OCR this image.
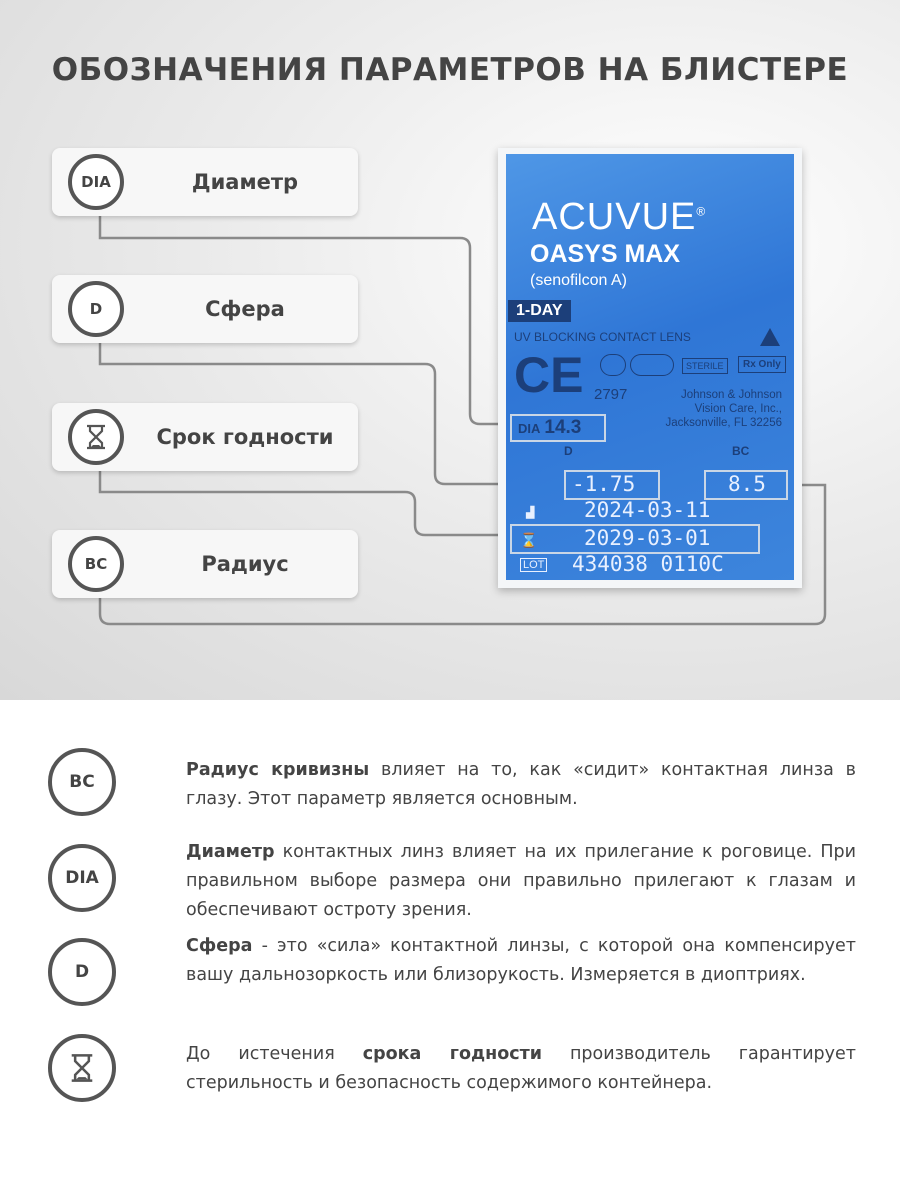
ОБОЗНАЧЕНИЯ ПАРАМЕТРОВ НА БЛИСТЕРЕ
DIA	Диаметр
D	Сфера
Срок годности
BC	Радиус
ACUVUE®
OASYS MAX
(senofilcon A)
1-DAY
UV BLOCKING CONTACT LENS
CE	STERILE	Rx Only
2797	Johnson & Johnson
Vision Care, Inc.,
Jacksonville, FL 32256
DIA 14.3
D	BC
-1.75	8.5
▟ 2024-03-11
⌛ 2029-03-01
LOT 434038 0110C
BC
Радиус кривизны влияет на то, как «сидит» контактная линза в глазу. Этот параметр является основным.
DIA
Диаметр контактных линз влияет на их прилегание к роговице. При правильном выборе размера они правильно прилегают к глазам и обеспечивают остроту зрения.
D
Сфера - это «сила» контактной линзы, с которой она компенсирует вашу дальнозоркость или близорукость. Измеряется в диоптриях.
До истечения срока годности производитель гарантирует стерильность и безопасность содержимого контейнера.
